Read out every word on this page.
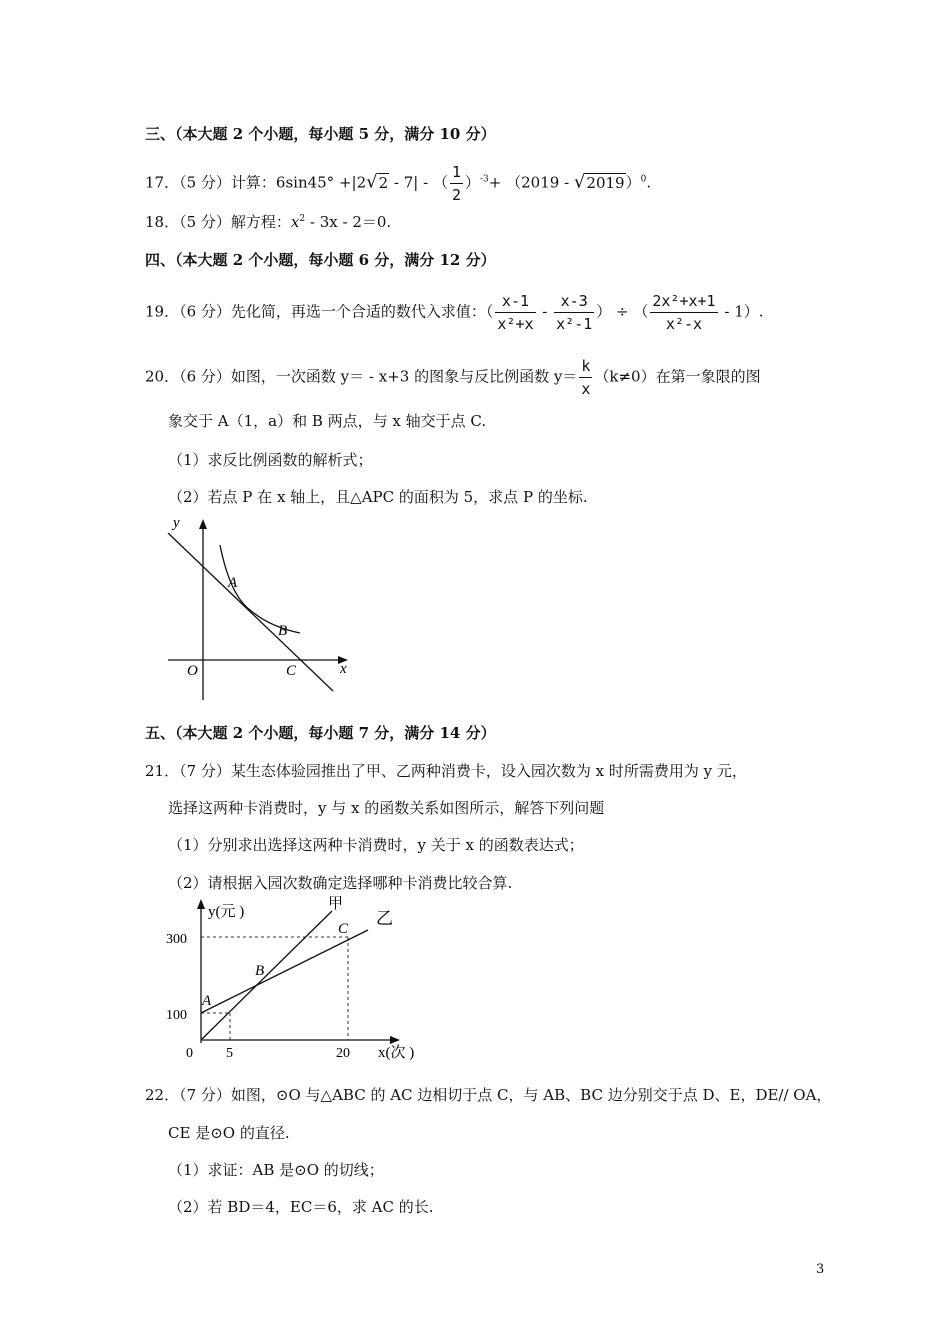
三、（本大题 2 个小题，每小题 5 分，满分 10 分）
17．（5 分）计算：6sin45° +|2√2 - 7| - （ $\frac{1}{2} )^{-3}+ (2019 - √2019)^0$.
18．（5 分）解方程：$x^2 - 3x - 2=0$.
四、（本大题 2 个小题，每小题 6 分，满分 12 分）
19．（6 分）先化简，再选一个合适的数代入求值：（ $\frac{x-1}{\text{x²+x}} - \frac{x-3}{\text{x²-1}}$ ） ÷ （ $\frac{\text{2x²+x+1}}{\text{x²-x}} - 1$）.
20．（6 分）如图，一次函数 y＝ - x+3 的图象与反比例函数 $y= \frac{k}{x} (k\ne 0)$在第一象限的图
象交于 A（1，a）和 B 两点，与 x 轴交于点 C.
（1）求反比例函数的解析式；
（2）若点 P 在 x 轴上，且△APC 的面积为 5，求点 P 的坐标.
y
x
O
A
B
C
五、（本大题 2 个小题，每小题 7 分，满分 14 分）
21．（7 分）某生态体验园推出了甲、乙两种消费卡，设入园次数为 x 时所需费用为 y 元，
选择这两种卡消费时，y 与 x 的函数关系如图所示，解答下列问题
（1）分别求出选择这两种卡消费时，y 关于 x 的函数表达式；
（2）请根据入园次数确定选择哪种卡消费比较合算.
y(元 )
x(次 )
甲
乙
300
100
0 5	20
A
B
C
22．（7 分）如图，⊙O 与△ABC 的 AC 边相切于点 C，与 AB、BC 边分别交于点 D、E，DE// OA，
CE 是⊙O 的直径.
（1）求证：AB 是⊙O 的切线；
（2）若 BD＝4，EC＝6，求 AC 的长.
3
